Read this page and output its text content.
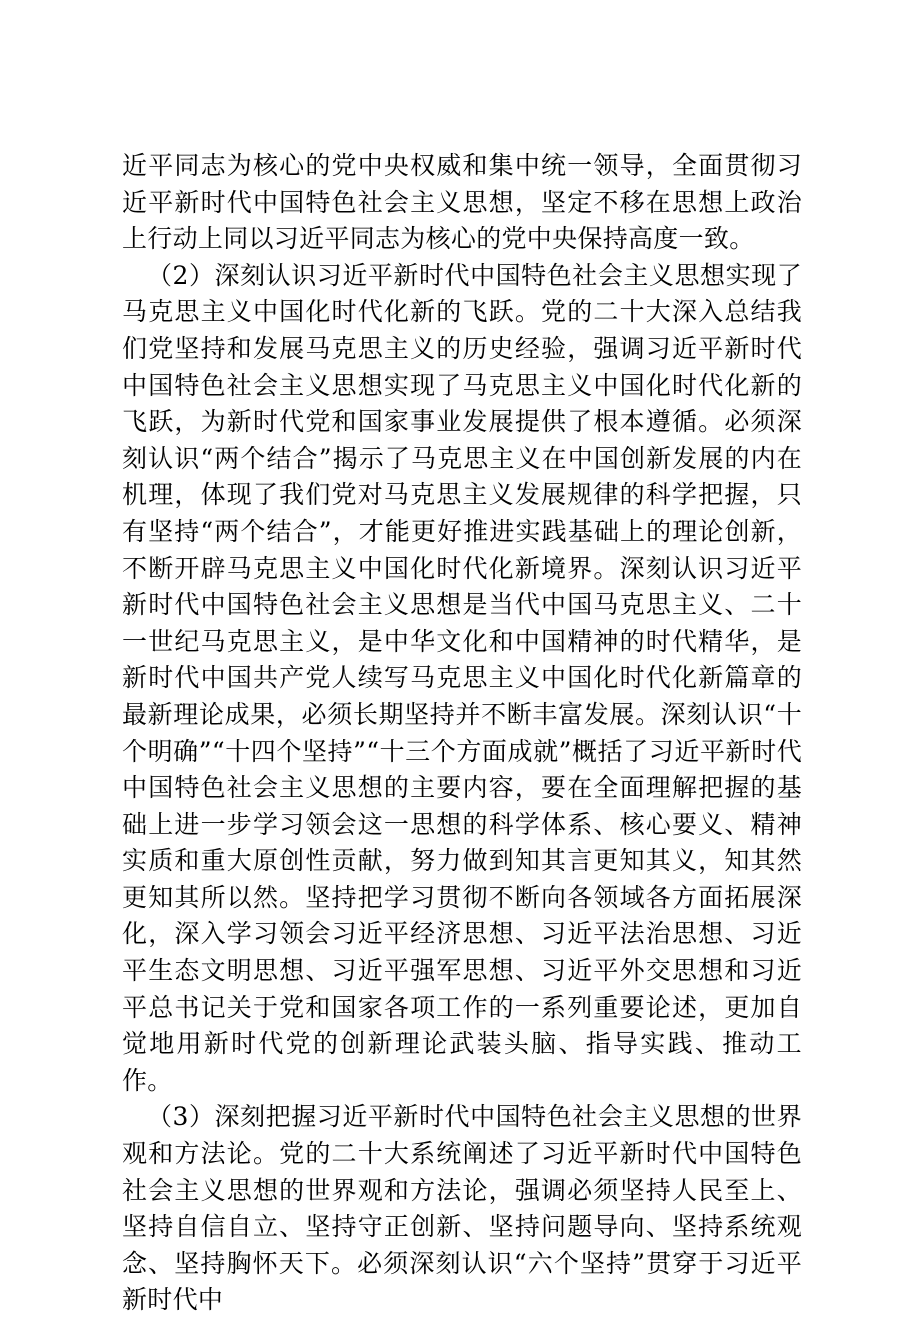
近平同志为核心的党中央权威和集中统一领导，全面贯彻习近平新时代中国特色社会主义思想，坚定不移在思想上政治上行动上同以习近平同志为核心的党中央保持高度一致。

（2）深刻认识习近平新时代中国特色社会主义思想实现了马克思主义中国化时代化新的飞跃。党的二十大深入总结我们党坚持和发展马克思主义的历史经验，强调习近平新时代中国特色社会主义思想实现了马克思主义中国化时代化新的飞跃，为新时代党和国家事业发展提供了根本遵循。必须深刻认识“两个结合”揭示了马克思主义在中国创新发展的内在机理，体现了我们党对马克思主义发展规律的科学把握，只有坚持“两个结合”，才能更好推进实践基础上的理论创新，不断开辟马克思主义中国化时代化新境界。深刻认识习近平新时代中国特色社会主义思想是当代中国马克思主义、二十一世纪马克思主义，是中华文化和中国精神的时代精华，是新时代中国共产党人续写马克思主义中国化时代化新篇章的最新理论成果，必须长期坚持并不断丰富发展。深刻认识“十个明确”“十四个坚持”“十三个方面成就”概括了习近平新时代中国特色社会主义思想的主要内容，要在全面理解把握的基础上进一步学习领会这一思想的科学体系、核心要义、精神实质和重大原创性贡献，努力做到知其言更知其义，知其然更知其所以然。坚持把学习贯彻不断向各领域各方面拓展深化，深入学习领会习近平经济思想、习近平法治思想、习近平生态文明思想、习近平强军思想、习近平外交思想和习近平总书记关于党和国家各项工作的一系列重要论述，更加自觉地用新时代党的创新理论武装头脑、指导实践、推动工作。

（3）深刻把握习近平新时代中国特色社会主义思想的世界观和方法论。党的二十大系统阐述了习近平新时代中国特色社会主义思想的世界观和方法论，强调必须坚持人民至上、坚持自信自立、坚持守正创新、坚持问题导向、坚持系统观念、坚持胸怀天下。必须深刻认识“六个坚持”贯穿于习近平新时代中
